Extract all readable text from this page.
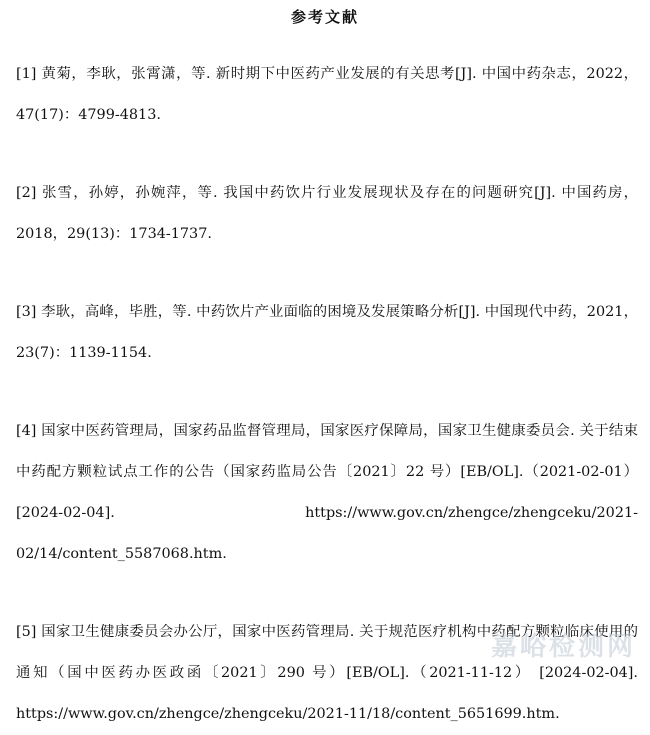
参考文献
[1] 黄菊，李耿，张霄潇，等. 新时期下中医药产业发展的有关思考[J]. 中国中药杂志，2022，47(17)：4799-4813.
[2] 张雪，孙婷，孙婉萍，等. 我国中药饮片行业发展现状及存在的问题研究[J]. 中国药房，2018，29(13)：1734-1737.
[3] 李耿，高峰，毕胜，等. 中药饮片产业面临的困境及发展策略分析[J]. 中国现代中药，2021，23(7)：1139-1154.
[4] 国家中医药管理局，国家药品监督管理局，国家医疗保障局，国家卫生健康委员会. 关于结束中药配方颗粒试点工作的公告（国家药监局公告〔2021〕22 号）[EB/OL].（2021-02-01） [2024-02-04]. https://www.gov.cn/zhengce/zhengceku/2021-02/14/content_5587068.htm.
[5] 国家卫生健康委员会办公厅，国家中医药管理局. 关于规范医疗机构中药配方颗粒临床使用的通知（国中医药办医政函〔2021〕290 号）[EB/OL].（2021-11-12） [2024-02-04]. https://www.gov.cn/zhengce/zhengceku/2021-11/18/content_5651699.htm.
嘉峪检测网
